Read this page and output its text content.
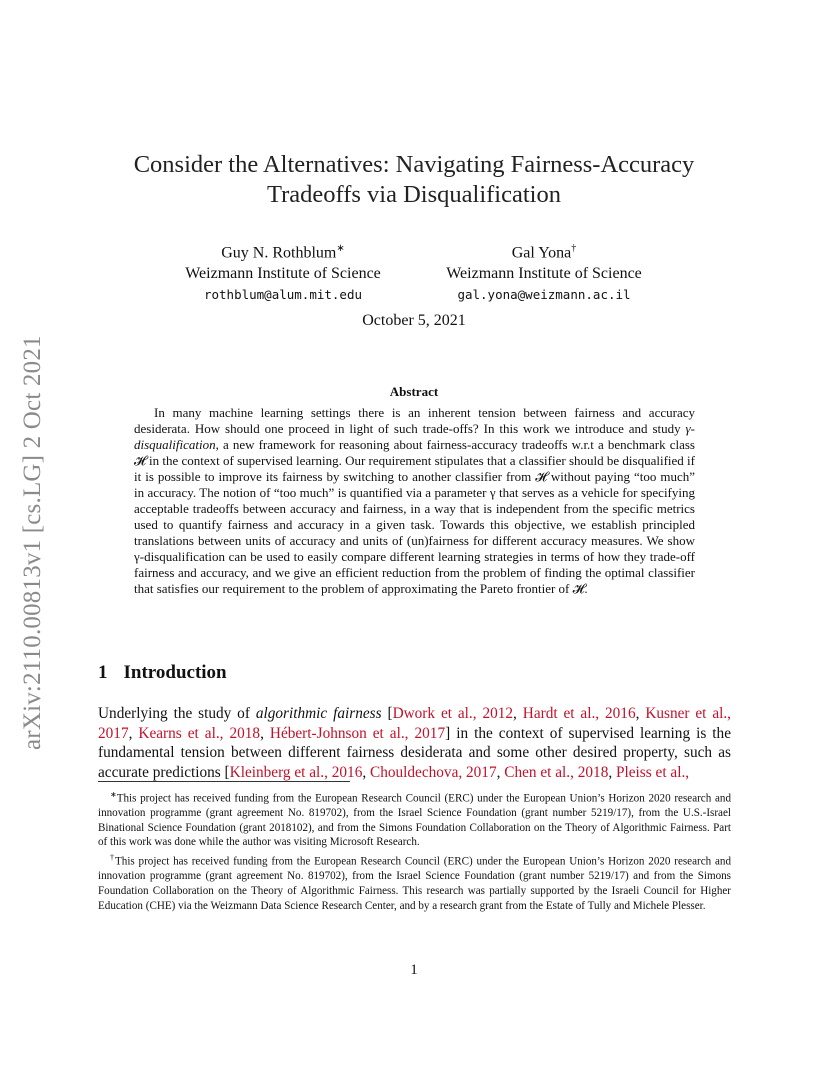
arXiv:2110.00813v1 [cs.LG] 2 Oct 2021
Consider the Alternatives: Navigating Fairness-Accuracy Tradeoffs via Disqualification
Guy N. Rothblum∗
Weizmann Institute of Science
rothblum@alum.mit.edu
Gal Yona†
Weizmann Institute of Science
gal.yona@weizmann.ac.il
October 5, 2021
Abstract

In many machine learning settings there is an inherent tension between fairness and accuracy desiderata. How should one proceed in light of such trade-offs? In this work we introduce and study γ-disqualification, a new framework for reasoning about fairness-accuracy tradeoffs w.r.t a benchmark class 𝓗 in the context of supervised learning. Our requirement stipulates that a classifier should be disqualified if it is possible to improve its fairness by switching to another classifier from 𝓗 without paying “too much” in accuracy. The notion of “too much” is quantified via a parameter γ that serves as a vehicle for specifying acceptable tradeoffs between accuracy and fairness, in a way that is independent from the specific metrics used to quantify fairness and accuracy in a given task. Towards this objective, we establish principled translations between units of accuracy and units of (un)fairness for different accuracy measures. We show γ-disqualification can be used to easily compare different learning strategies in terms of how they trade-off fairness and accuracy, and we give an efficient reduction from the problem of finding the optimal classifier that satisfies our requirement to the problem of approximating the Pareto frontier of 𝓗.

1 Introduction

Underlying the study of algorithmic fairness [Dwork et al., 2012, Hardt et al., 2016, Kusner et al., 2017, Kearns et al., 2018, Hébert-Johnson et al., 2017] in the context of supervised learning is the fundamental tension between different fairness desiderata and some other desired property, such as accurate predictions [Kleinberg et al., 2016, Chouldechova, 2017, Chen et al., 2018, Pleiss et al.,

∗This project has received funding from the European Research Council (ERC) under the European Union’s Horizon 2020 research and innovation programme (grant agreement No. 819702), from the Israel Science Foundation (grant number 5219/17), from the U.S.-Israel Binational Science Foundation (grant 2018102), and from the Simons Foundation Collaboration on the Theory of Algorithmic Fairness. Part of this work was done while the author was visiting Microsoft Research.

†This project has received funding from the European Research Council (ERC) under the European Union’s Horizon 2020 research and innovation programme (grant agreement No. 819702), from the Israel Science Foundation (grant number 5219/17) and from the Simons Foundation Collaboration on the Theory of Algorithmic Fairness. This research was partially supported by the Israeli Council for Higher Education (CHE) via the Weizmann Data Science Research Center, and by a research grant from the Estate of Tully and Michele Plesser.

1
